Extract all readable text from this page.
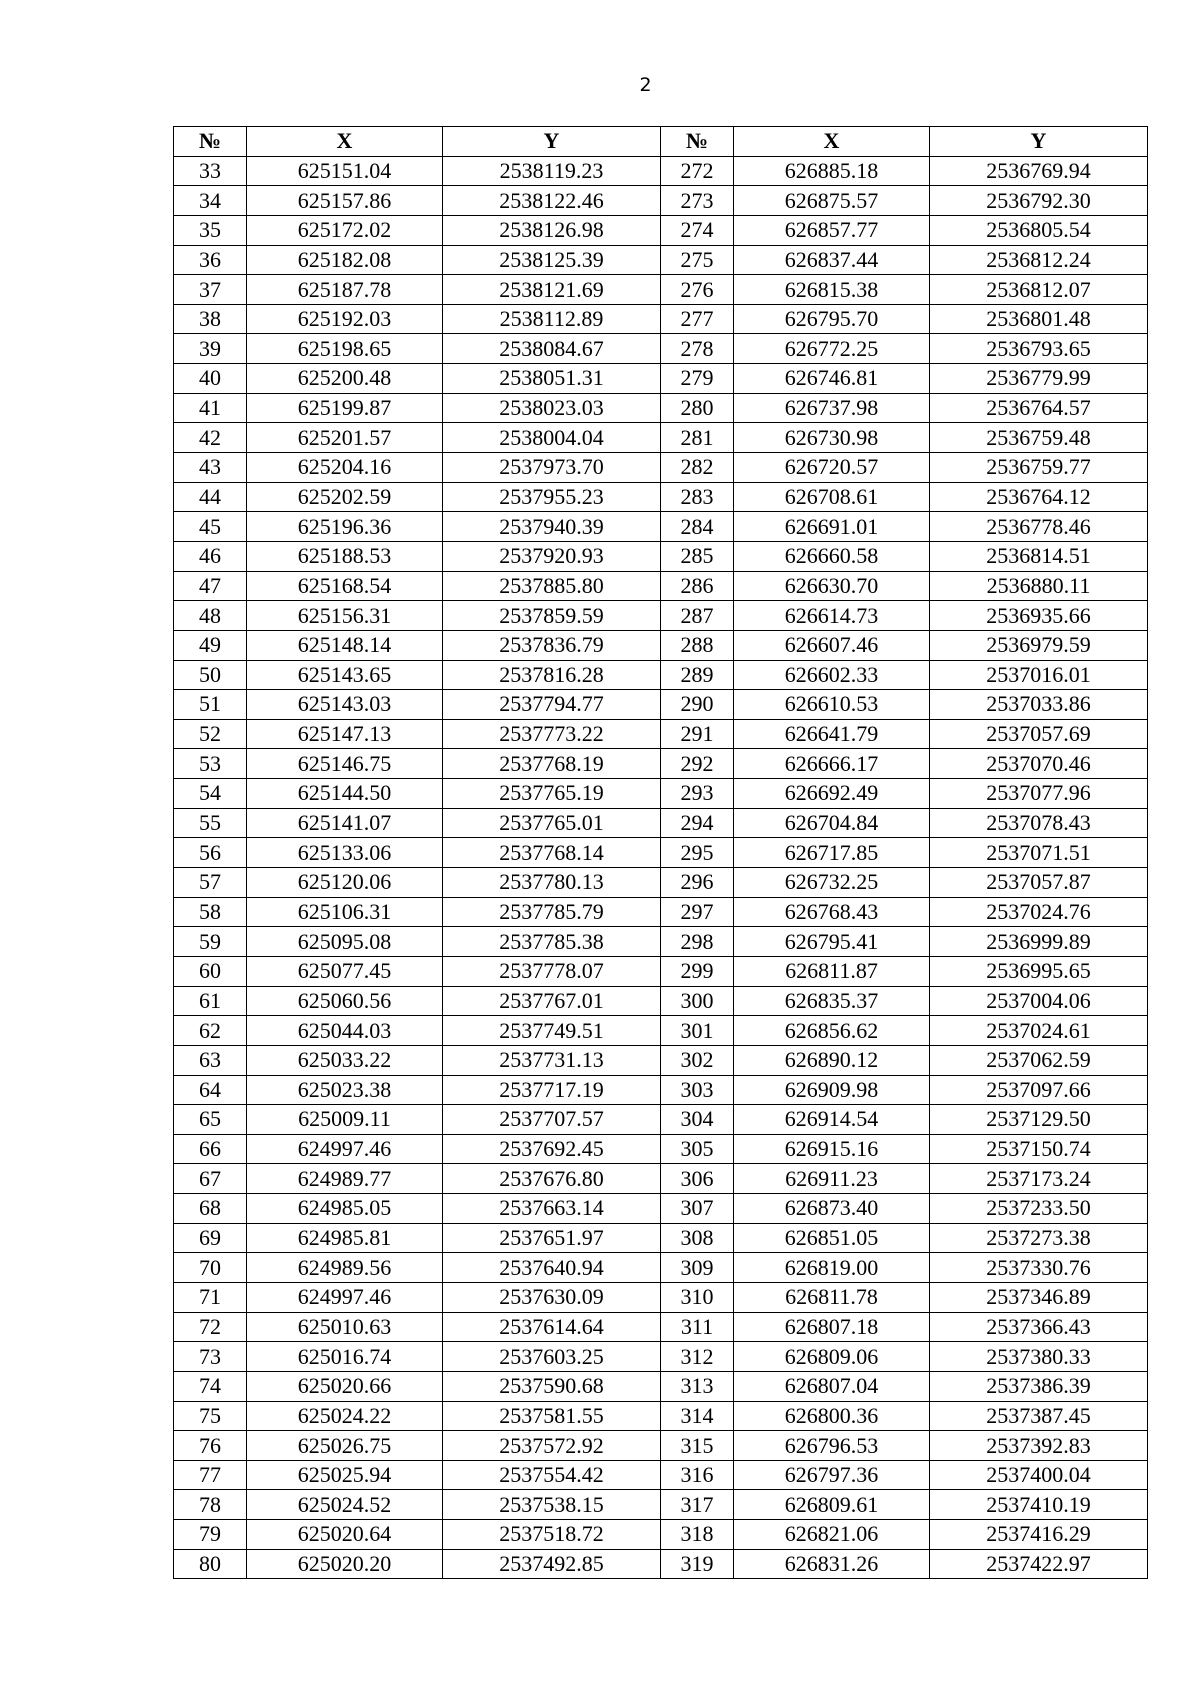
2
№	X	Y	№	X	Y
33	625151.04	2538119.23	272	626885.18	2536769.94
34	625157.86	2538122.46	273	626875.57	2536792.30
35	625172.02	2538126.98	274	626857.77	2536805.54
36	625182.08	2538125.39	275	626837.44	2536812.24
37	625187.78	2538121.69	276	626815.38	2536812.07
38	625192.03	2538112.89	277	626795.70	2536801.48
39	625198.65	2538084.67	278	626772.25	2536793.65
40	625200.48	2538051.31	279	626746.81	2536779.99
41	625199.87	2538023.03	280	626737.98	2536764.57
42	625201.57	2538004.04	281	626730.98	2536759.48
43	625204.16	2537973.70	282	626720.57	2536759.77
44	625202.59	2537955.23	283	626708.61	2536764.12
45	625196.36	2537940.39	284	626691.01	2536778.46
46	625188.53	2537920.93	285	626660.58	2536814.51
47	625168.54	2537885.80	286	626630.70	2536880.11
48	625156.31	2537859.59	287	626614.73	2536935.66
49	625148.14	2537836.79	288	626607.46	2536979.59
50	625143.65	2537816.28	289	626602.33	2537016.01
51	625143.03	2537794.77	290	626610.53	2537033.86
52	625147.13	2537773.22	291	626641.79	2537057.69
53	625146.75	2537768.19	292	626666.17	2537070.46
54	625144.50	2537765.19	293	626692.49	2537077.96
55	625141.07	2537765.01	294	626704.84	2537078.43
56	625133.06	2537768.14	295	626717.85	2537071.51
57	625120.06	2537780.13	296	626732.25	2537057.87
58	625106.31	2537785.79	297	626768.43	2537024.76
59	625095.08	2537785.38	298	626795.41	2536999.89
60	625077.45	2537778.07	299	626811.87	2536995.65
61	625060.56	2537767.01	300	626835.37	2537004.06
62	625044.03	2537749.51	301	626856.62	2537024.61
63	625033.22	2537731.13	302	626890.12	2537062.59
64	625023.38	2537717.19	303	626909.98	2537097.66
65	625009.11	2537707.57	304	626914.54	2537129.50
66	624997.46	2537692.45	305	626915.16	2537150.74
67	624989.77	2537676.80	306	626911.23	2537173.24
68	624985.05	2537663.14	307	626873.40	2537233.50
69	624985.81	2537651.97	308	626851.05	2537273.38
70	624989.56	2537640.94	309	626819.00	2537330.76
71	624997.46	2537630.09	310	626811.78	2537346.89
72	625010.63	2537614.64	311	626807.18	2537366.43
73	625016.74	2537603.25	312	626809.06	2537380.33
74	625020.66	2537590.68	313	626807.04	2537386.39
75	625024.22	2537581.55	314	626800.36	2537387.45
76	625026.75	2537572.92	315	626796.53	2537392.83
77	625025.94	2537554.42	316	626797.36	2537400.04
78	625024.52	2537538.15	317	626809.61	2537410.19
79	625020.64	2537518.72	318	626821.06	2537416.29
80	625020.20	2537492.85	319	626831.26	2537422.97
